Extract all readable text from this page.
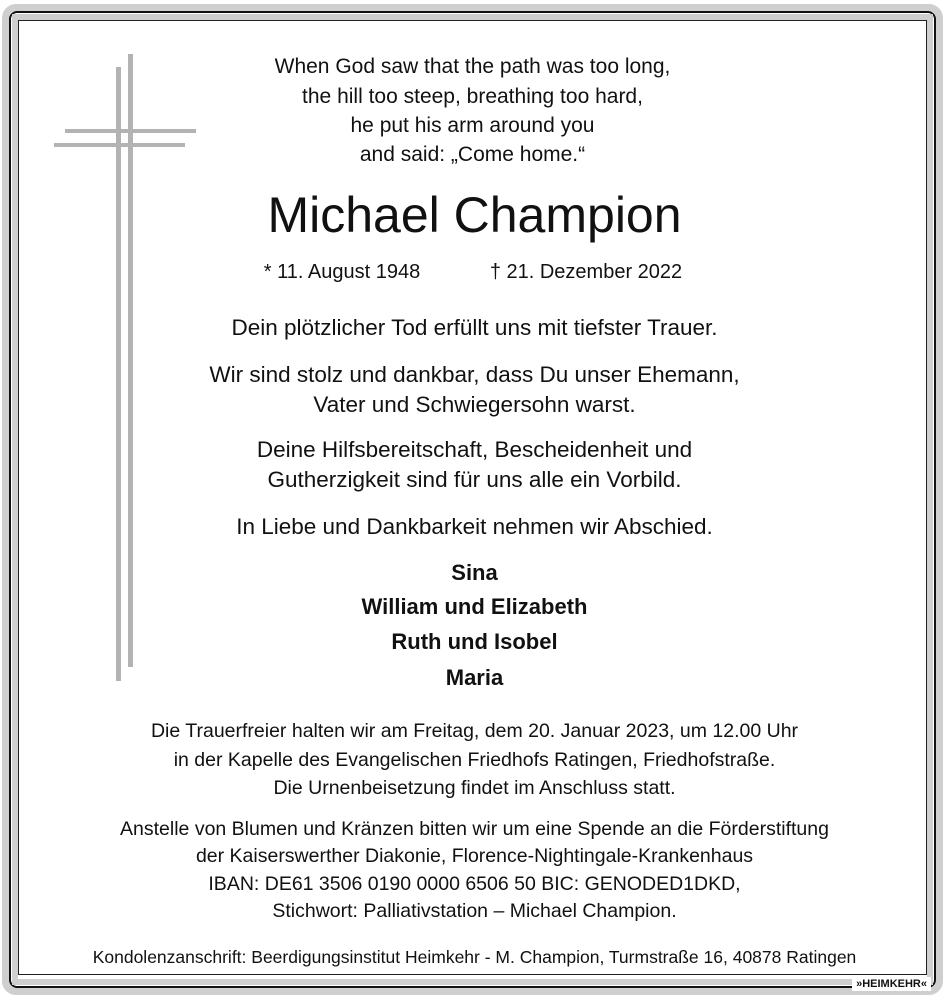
When God saw that the path was too long,
the hill too steep, breathing too hard,
he put his arm around you
and said: „Come home.“
Michael Champion
* 11. August 1948	† 21. Dezember 2022
Dein plötzlicher Tod erfüllt uns mit tiefster Trauer.
Wir sind stolz und dankbar, dass Du unser Ehemann,
Vater und Schwiegersohn warst.
Deine Hilfsbereitschaft, Bescheidenheit und
Gutherzigkeit sind für uns alle ein Vorbild.
In Liebe und Dankbarkeit nehmen wir Abschied.
Sina
William und Elizabeth
Ruth und Isobel
Maria
Die Trauerfreier halten wir am Freitag, dem 20. Januar 2023, um 12.00 Uhr
in der Kapelle des Evangelischen Friedhofs Ratingen, Friedhofstraße.
Die Urnenbeisetzung findet im Anschluss statt.
Anstelle von Blumen und Kränzen bitten wir um eine Spende an die Förderstiftung
der Kaiserswerther Diakonie, Florence-Nightingale-Krankenhaus
IBAN: DE61 3506 0190 0000 6506 50 BIC: GENODED1DKD,
Stichwort: Palliativstation – Michael Champion.
Kondolenzanschrift: Beerdigungsinstitut Heimkehr - M. Champion, Turmstraße 16, 40878 Ratingen
»HEIMKEHR«
